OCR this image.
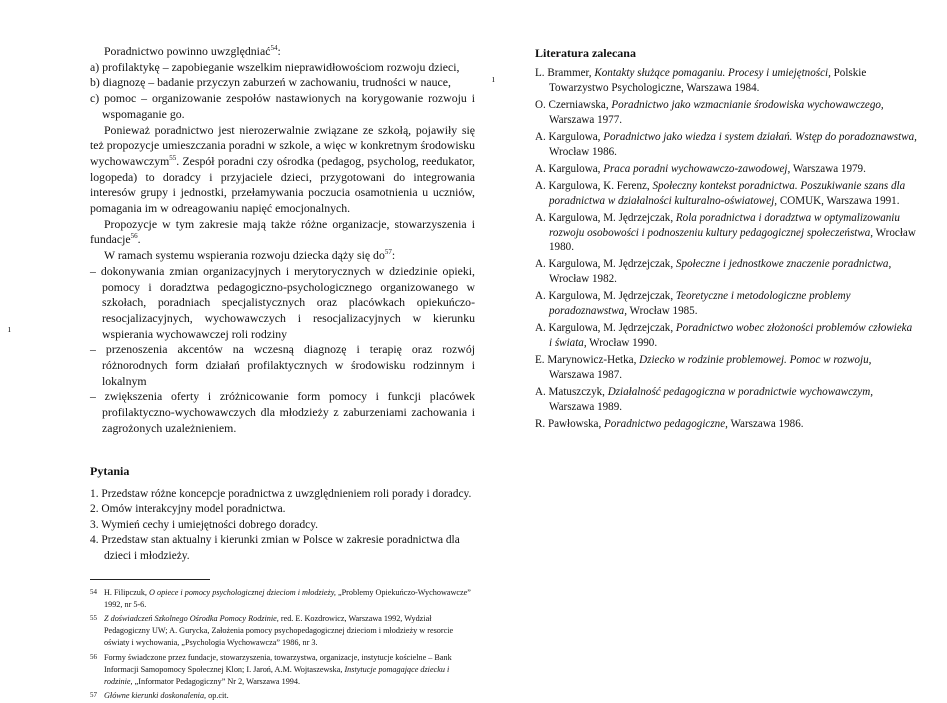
Poradnictwo powinno uwzględniać$^{54}$:

a) profilaktykę – zapobieganie wszelkim nieprawidłowościom rozwoju dzieci,

b) diagnozę – badanie przyczyn zaburzeń w zachowaniu, trudności w nauce,

c) pomoc – organizowanie zespołów nastawionych na korygowanie rozwoju i wspomaganie go.

Ponieważ poradnictwo jest nierozerwalnie związane ze szkołą, pojawiły się też propozycje umieszczania poradni w szkole, a więc w konkretnym środowisku wychowawczym$^{55}$. Zespół poradni czy ośrodka (pedagog, psycholog, reedukator, logopeda) to doradcy i przyjaciele dzieci, przygotowani do integrowania interesów grupy i jednostki, przełamywania poczucia osamotnienia u uczniów, pomagania im w odreagowaniu napięć emocjonalnych.

Propozycje w tym zakresie mają także różne organizacje, stowarzyszenia i fundacje$^{56}$.

W ramach systemu wspierania rozwoju dziecka dąży się $do^{57}$:

– dokonywania zmian organizacyjnych i merytorycznych w dziedzinie opieki, pomocy i doradztwa pedagogiczno-psychologicznego organizowanego w szkołach, poradniach specjalistycznych oraz placówkach opiekuńczo-resocjalizacyjnych, wychowawczych i resocjalizacyjnych w kierunku wspierania wychowawczej roli rodziny

– przenoszenia akcentów na wczesną diagnozę i terapię oraz rozwój różnorodnych form działań profilaktycznych w środowisku rodzinnym i lokalnym

– zwiększenia oferty i zróżnicowanie form pomocy i funkcji placówek profilaktyczno-wychowawczych dla młodzieży z zaburzeniami zachowania i zagrożonych uzależnieniem.

Pytania

1. Przedstaw różne koncepcje poradnictwa z uwzględnieniem roli porady i doradcy.
2. Omów interakcyjny model poradnictwa.
3. Wymień cechy i umiejętności dobrego doradcy.
4. Przedstaw stan aktualny i kierunki zmian w Polsce w zakresie poradnictwa dla dzieci i młodzieży.

54 H. Filipczuk, O opiece i pomocy psychologicznej dzieciom i młodzieży, „Problemy Opiekuńczo-Wychowawcze” 1992, nr 5-6.

55 Z doświadczeń Szkolnego Ośrodka Pomocy Rodzinie, red. E. Kozdrowicz, Warszawa 1992, Wydział Pedagogiczny UW; A. Gurycka, Założenia pomocy psychopedagogicznej dzieciom i młodzieży w resorcie oświaty i wychowania, „Psychologia Wychowawcza” 1986, nr 3.

56 Formy świadczone przez fundacje, stowarzyszenia, towarzystwa, organizacje, instytucje kościelne – Bank Informacji Samopomocy Społecznej Klon; I. Jaroń, A.M. Wojtaszewska, Instytucje pomagające dziecku i rodzinie, „Informator Pedagogiczny” Nr 2, Warszawa 1994.

57 Główne kierunki doskonalenia, op.cit.

ı
ı

Literatura zalecana

L. Brammer, Kontakty służące pomaganiu. Procesy i umiejętności, Polskie Towarzystwo Psychologiczne, Warszawa 1984.

O. Czerniawska, Poradnictwo jako wzmacnianie środowiska wychowawczego, Warszawa 1977.

A. Kargulowa, Poradnictwo jako wiedza i system działań. Wstęp do poradoznawstwa, Wrocław 1986.

A. Kargulowa, Praca poradni wychowawczo-zawodowej, Warszawa 1979.

A. Kargulowa, K. Ferenz, Społeczny kontekst poradnictwa. Poszukiwanie szans dla poradnictwa w działalności kulturalno-oświatowej, COMUK, Warszawa 1991.

A. Kargulowa, M. Jędrzejczak, Rola poradnictwa i doradztwa w optymalizowaniu rozwoju osobowości i podnoszeniu kultury pedagogicznej społeczeństwa, Wrocław 1980.

A. Kargulowa, M. Jędrzejczak, Społeczne i jednostkowe znaczenie poradnictwa, Wrocław 1982.

A. Kargulowa, M. Jędrzejczak, Teoretyczne i metodologiczne problemy poradoznawstwa, Wrocław 1985.

A. Kargulowa, M. Jędrzejczak, Poradnictwo wobec złożoności problemów człowieka i świata, Wrocław 1990.

E. Marynowicz-Hetka, Dziecko w rodzinie problemowej. Pomoc w rozwoju, Warszawa 1987.

A. Matuszczyk, Działalność pedagogiczna w poradnictwie wychowawczym, Warszawa 1989.

R. Pawłowska, Poradnictwo pedagogiczne, Warszawa 1986.
